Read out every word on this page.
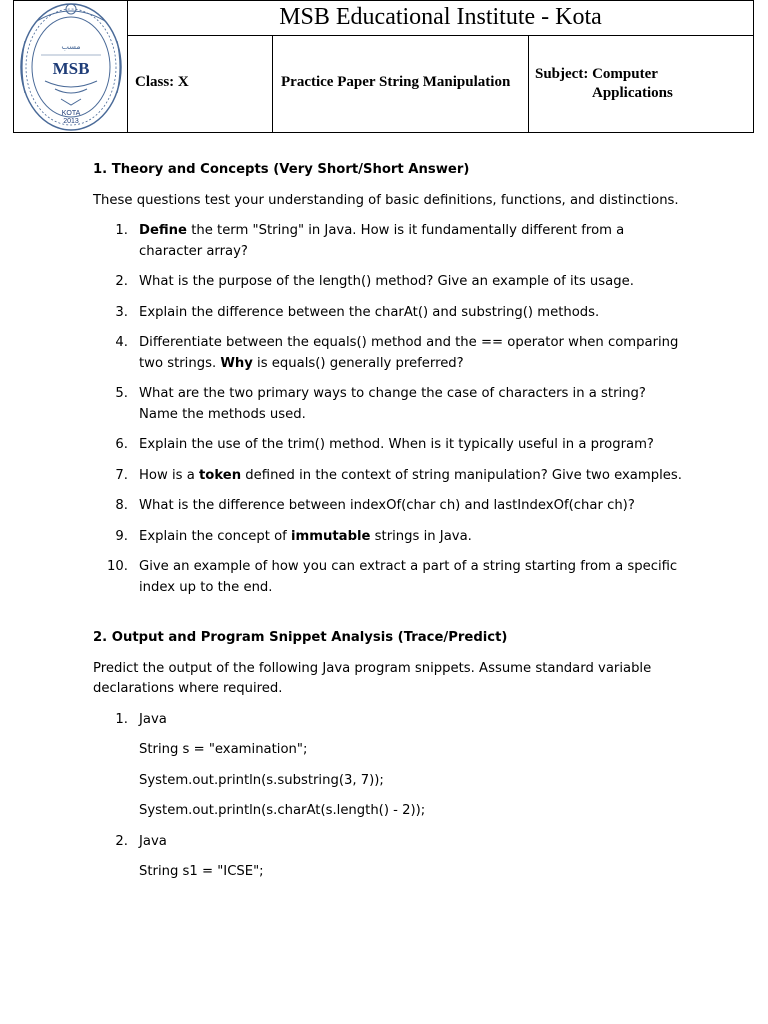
مسب
MSB
KOTA
2013
MSB Educational Institute - Kota
Class: X	Practice Paper String Manipulation	Subject: Computer
Applications

1. Theory and Concepts (Very Short/Short Answer)

These questions test your understanding of basic definitions, functions, and distinctions.

1. Define the term "String" in Java. How is it fundamentally different from a character array?
2. What is the purpose of the length() method? Give an example of its usage.
3. Explain the difference between the charAt() and substring() methods.
4. Differentiate between the equals() method and the == operator when comparing two strings. Why is equals() generally preferred?
5. What are the two primary ways to change the case of characters in a string? Name the methods used.
6. Explain the use of the trim() method. When is it typically useful in a program?
7. How is a token defined in the context of string manipulation? Give two examples.
8. What is the difference between indexOf(char ch) and lastIndexOf(char ch)?
9. Explain the concept of immutable strings in Java.
10. Give an example of how you can extract a part of a string starting from a specific index up to the end.

2. Output and Program Snippet Analysis (Trace/Predict)

Predict the output of the following Java program snippets. Assume standard variable declarations where required.

1. Java
String s = "examination";
System.out.println(s.substring(3, 7));
System.out.println(s.charAt(s.length() - 2));
2. Java
String s1 = "ICSE";
